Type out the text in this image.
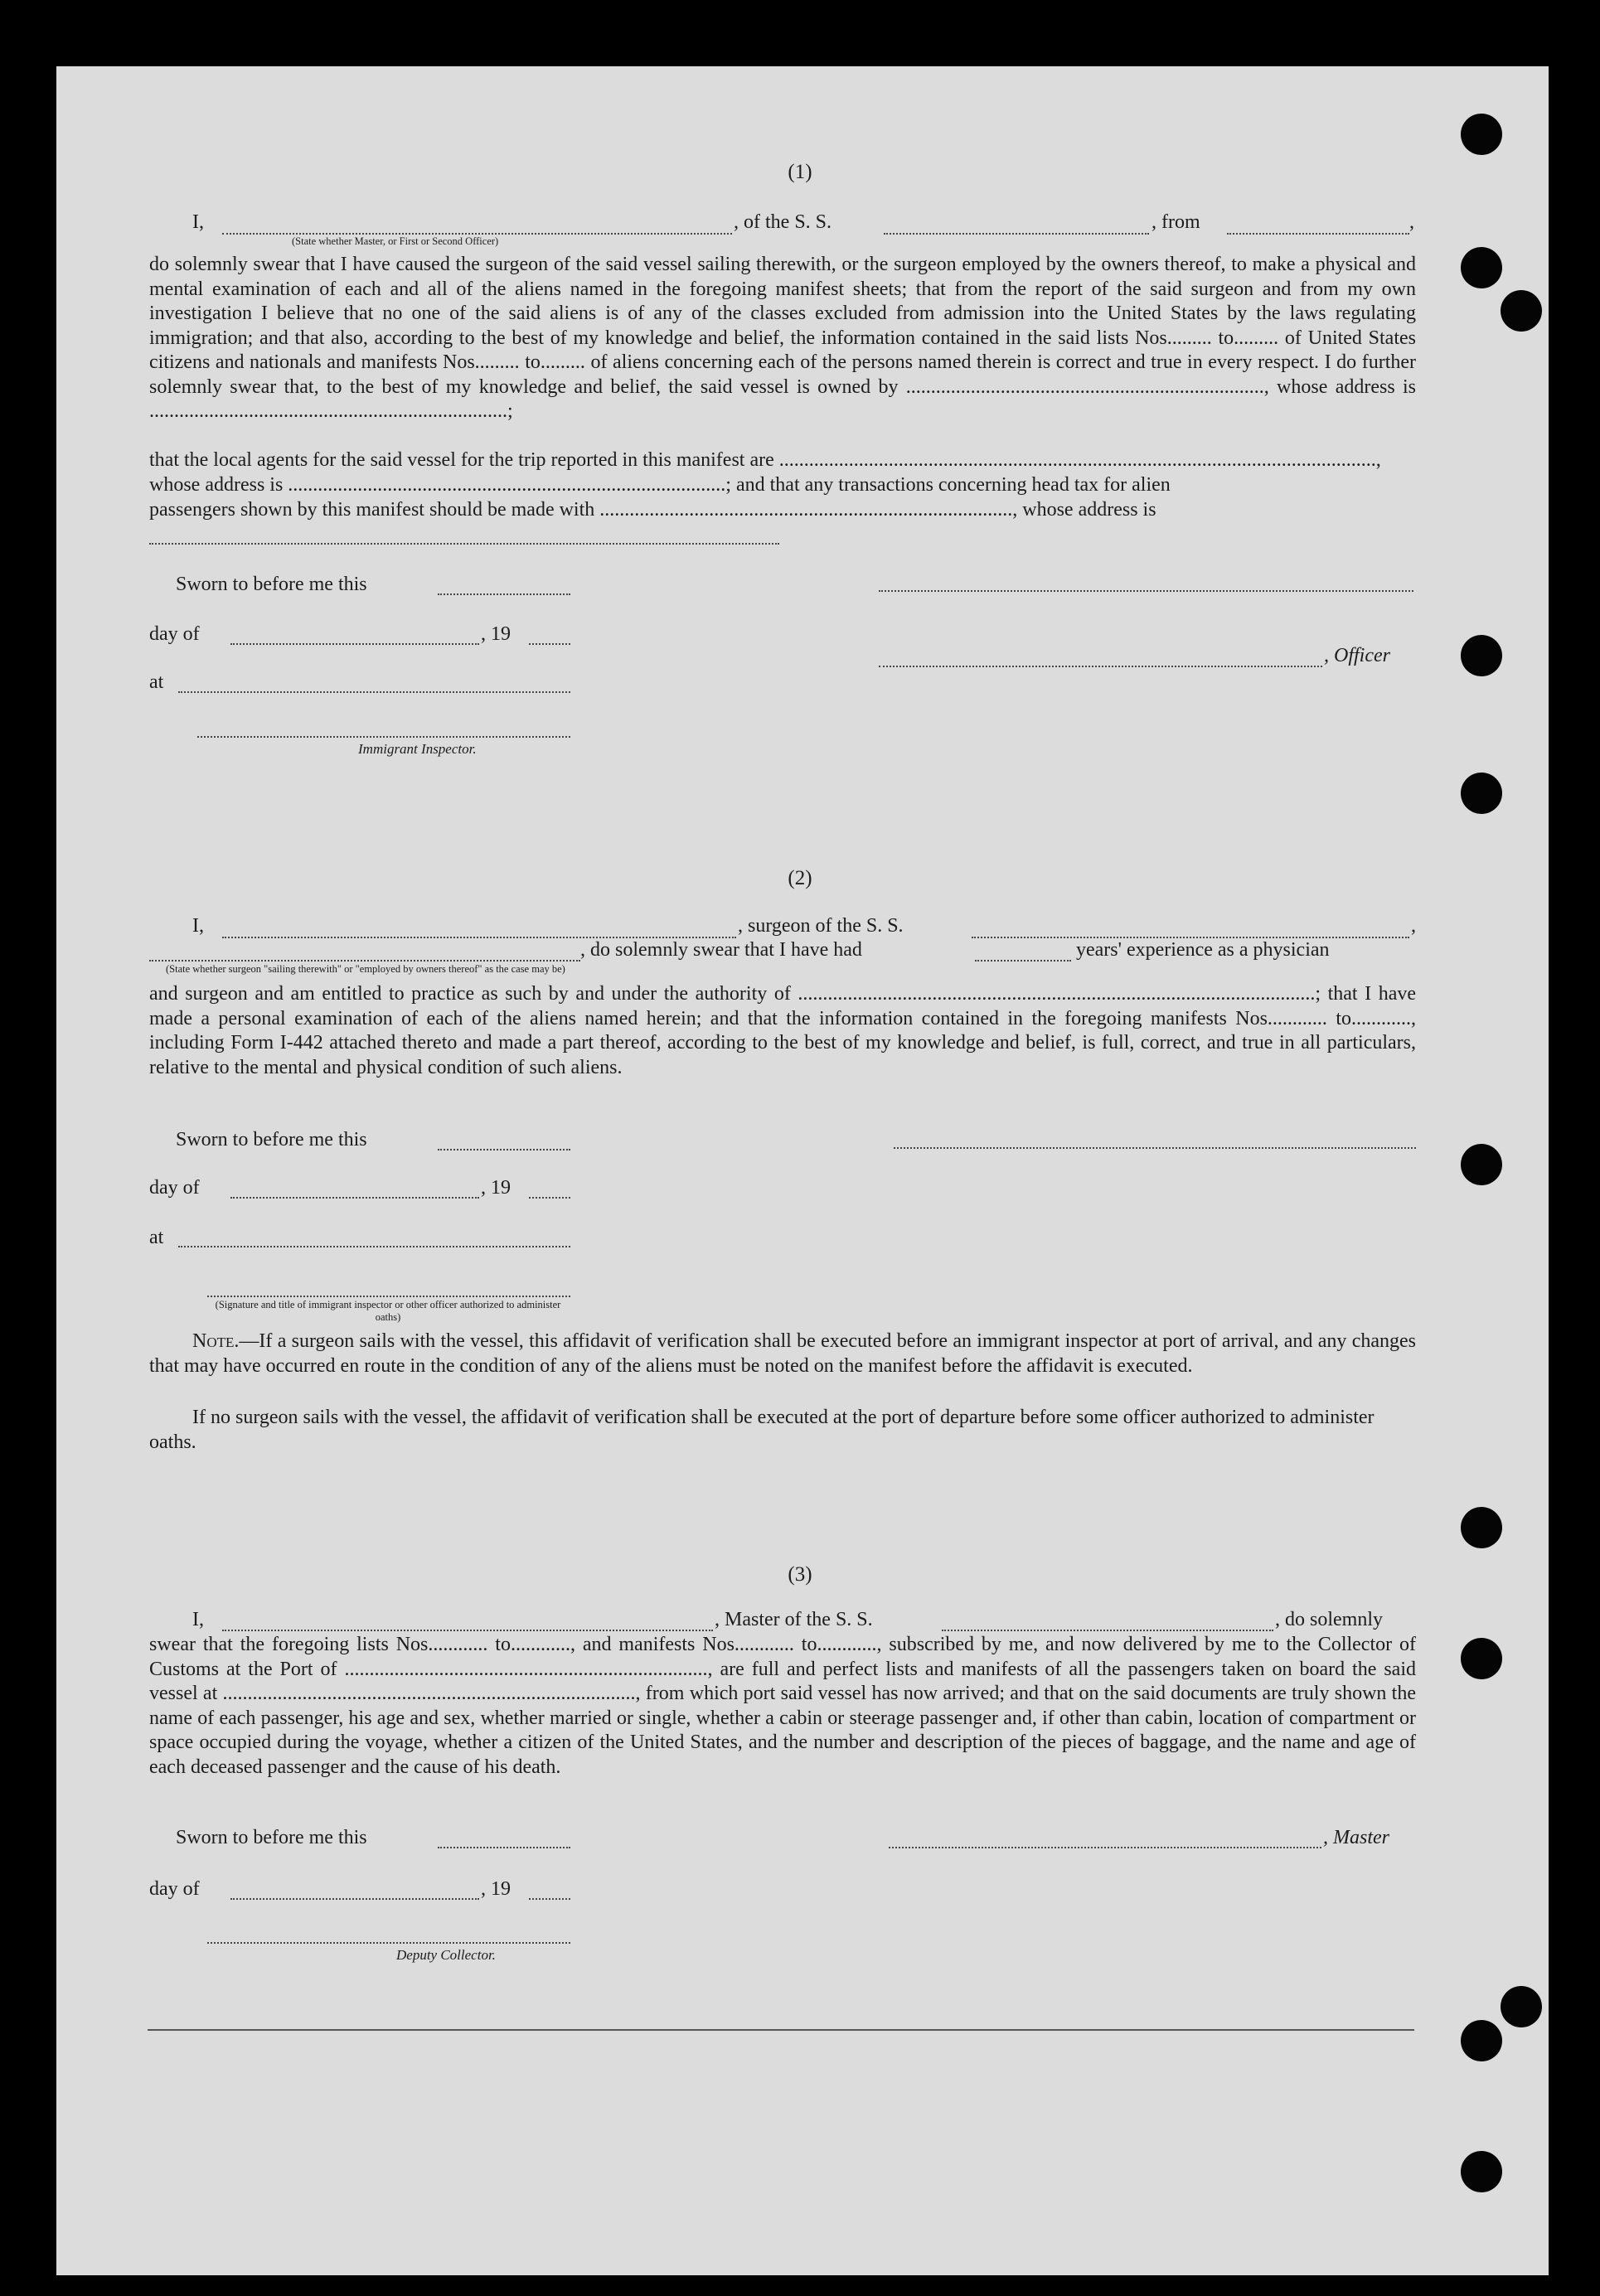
(1)
I,	, of the S. S.	, from	,
(State whether Master, or First or Second Officer)
do solemnly swear that I have caused the surgeon of the said vessel sailing therewith, or the surgeon employed by the owners thereof, to make a physical and mental examination of each and all of the aliens named in the foregoing manifest sheets; that from the report of the said surgeon and from my own investigation I believe that no one of the said aliens is of any of the classes excluded from admission into the United States by the laws regulating immigration; and that also, according to the best of my knowledge and belief, the information contained in the said lists Nos......... to......... of United States citizens and nationals and manifests Nos......... to......... of aliens concerning each of the persons named therein is correct and true in every respect. I do further solemnly swear that, to the best of my knowledge and belief, the said vessel is owned by ........................................................................, whose address is ........................................................................;
that the local agents for the said vessel for the trip reported in this manifest are ........................................................................................................................,
whose address is ........................................................................................; and that any transactions concerning head tax for alien
passengers shown by this manifest should be made with ..................................................................................., whose address is
Sworn to before me this
day of	, 19
, Officer
at
Immigrant Inspector.
(2)
I,	, surgeon of the S. S.	,
, do solemnly swear that I have had	years' experience as a physician
(State whether surgeon "sailing therewith" or "employed by owners thereof" as the case may be)
and surgeon and am entitled to practice as such by and under the authority of ........................................................................................................; that I have made a personal examination of each of the aliens named herein; and that the information contained in the foregoing manifests Nos............ to............, including Form I-442 attached thereto and made a part thereof, according to the best of my knowledge and belief, is full, correct, and true in all particulars, relative to the mental and physical condition of such aliens.
Sworn to before me this
day of	, 19
at
(Signature and title of immigrant inspector or other officer authorized to administer oaths)
Note.—If a surgeon sails with the vessel, this affidavit of verification shall be executed before an immigrant inspector at port of arrival, and any changes that may have occurred en route in the condition of any of the aliens must be noted on the manifest before the affidavit is executed.
If no surgeon sails with the vessel, the affidavit of verification shall be executed at the port of departure before some officer authorized to administer oaths.
(3)
I,	, Master of the S. S.	, do solemnly
swear that the foregoing lists Nos............ to............, and manifests Nos............ to............, subscribed by me, and now delivered by me to the Collector of Customs at the Port of ........................................................................., are full and perfect lists and manifests of all the passengers taken on board the said vessel at ..................................................................................., from which port said vessel has now arrived; and that on the said documents are truly shown the name of each passenger, his age and sex, whether married or single, whether a cabin or steerage passenger and, if other than cabin, location of compartment or space occupied during the voyage, whether a citizen of the United States, and the number and description of the pieces of baggage, and the name and age of each deceased passenger and the cause of his death.
Sworn to before me this	, Master
day of	, 19
Deputy Collector.
